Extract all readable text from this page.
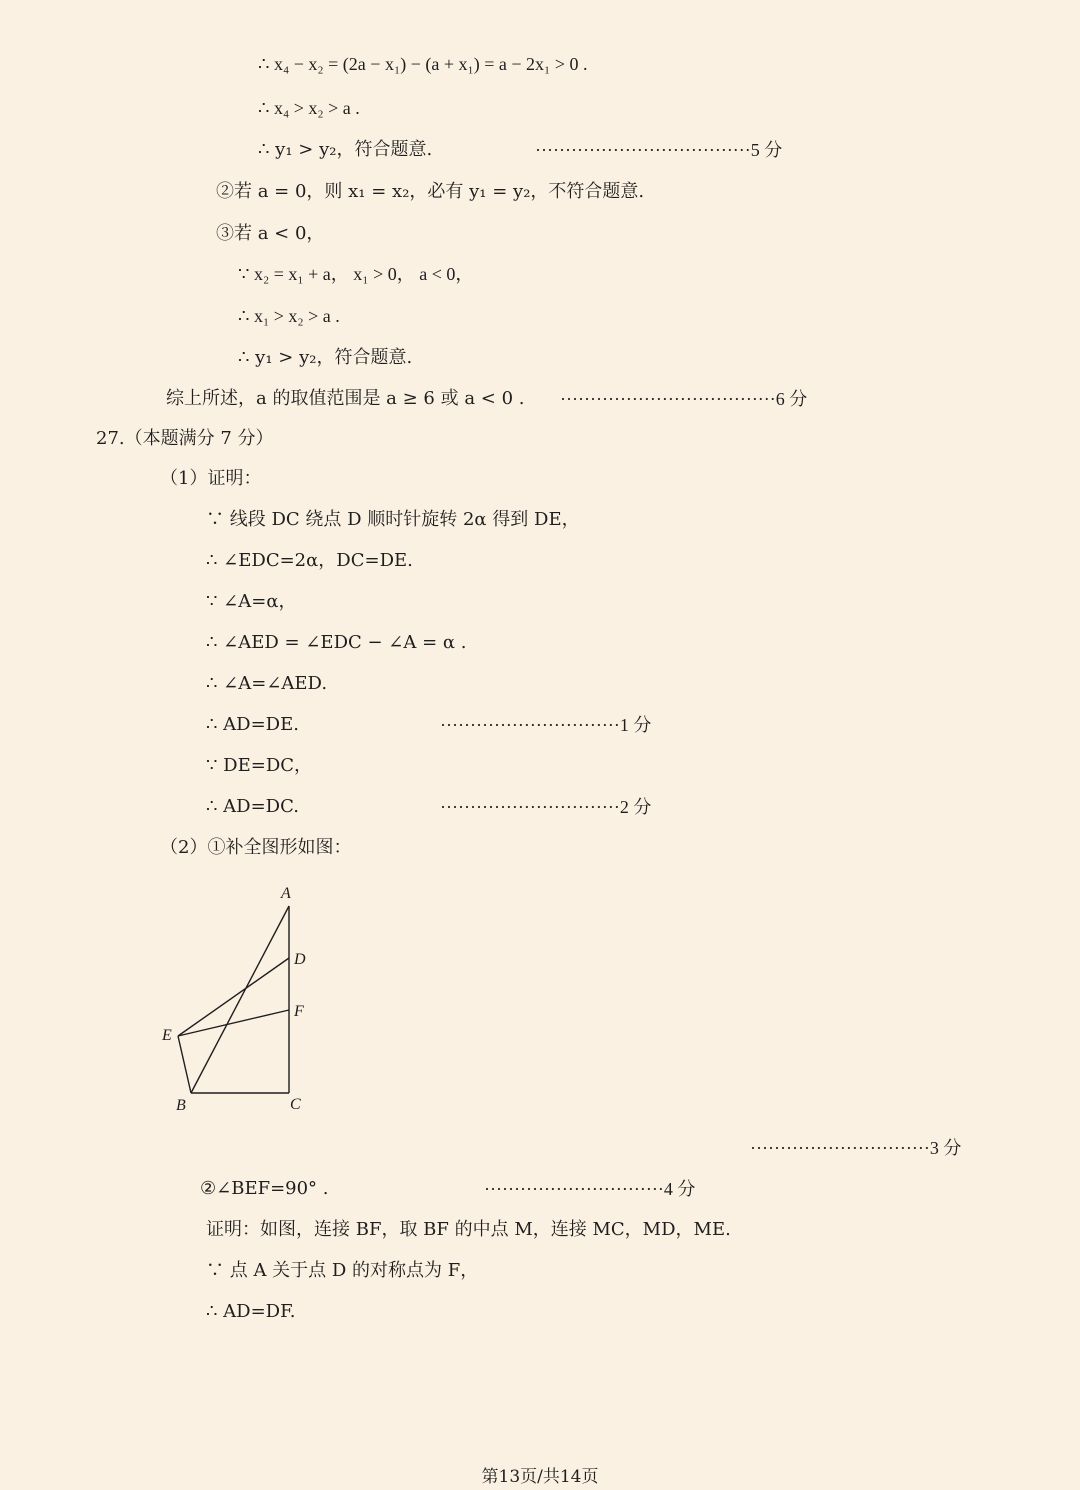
∴ x₄ − x₂ = (2a − x₁) − (a + x₁) = a − 2x₁ > 0 .
∴ x₄ > x₂ > a .
∴ y₁ > y₂，符合题意.	····································5 分
②若 a = 0，则 x₁ = x₂，必有 y₁ = y₂，不符合题意.
③若 a < 0，
∵ x₂ = x₁ + a， x₁ > 0， a < 0，
∴ x₁ > x₂ > a .
∴ y₁ > y₂，符合题意.
综上所述，a 的取值范围是 a ≥ 6 或 a < 0 . ····································6 分
27.（本题满分 7 分）
（1）证明：
∵ 线段 DC 绕点 D 顺时针旋转 2α 得到 DE，
∴ ∠EDC=2α，DC=DE.
∵ ∠A=α，
∴ ∠AED = ∠EDC − ∠A = α .
∴ ∠A=∠AED.
∴ AD=DE.	······························1 分
∵ DE=DC，
∴ AD=DC.	······························2 分
（2）①补全图形如图：
A
D
F
E
B	C
······························3 分
②∠BEF=90° .	······························4 分
证明：如图，连接 BF，取 BF 的中点 M，连接 MC，MD，ME.
∵ 点 A 关于点 D 的对称点为 F，
∴ AD=DF.
第13页/共14页
